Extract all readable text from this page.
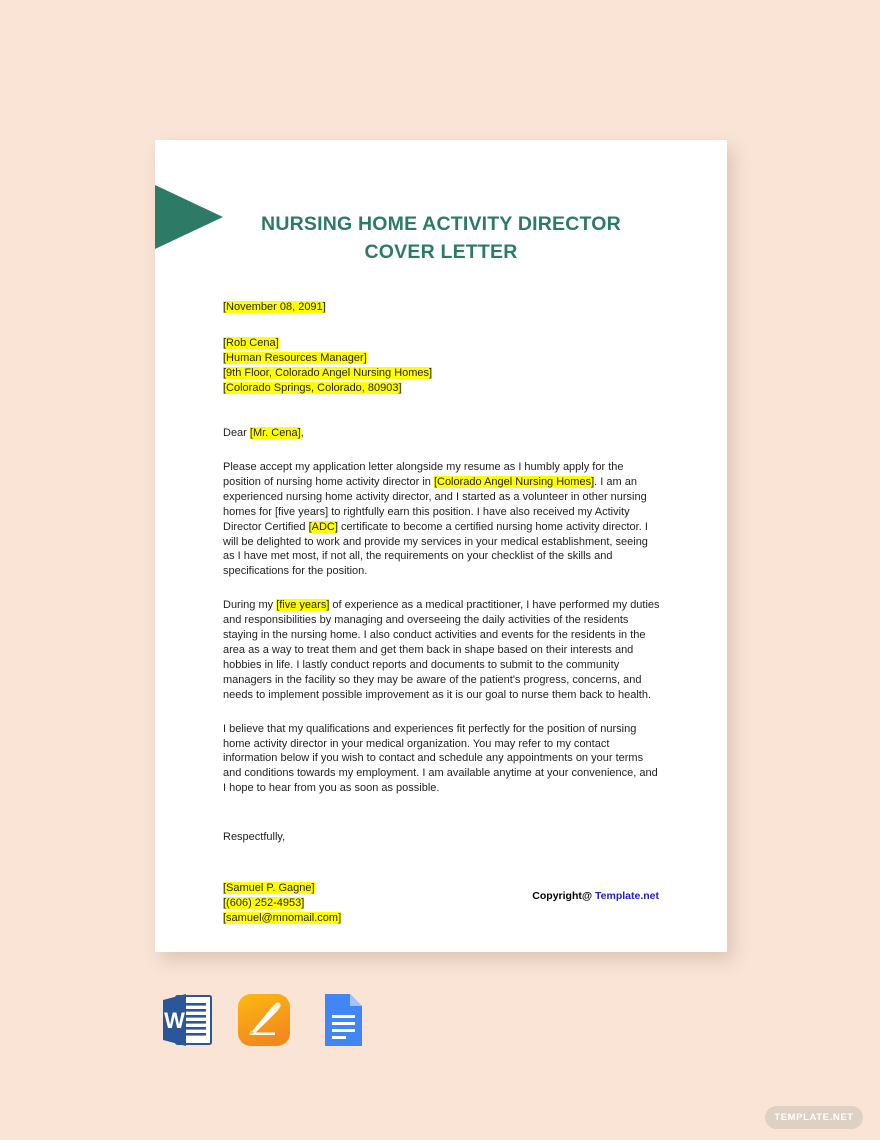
NURSING HOME ACTIVITY DIRECTOR
COVER LETTER
[November 08, 2091]
[Rob Cena]
[Human Resources Manager]
[9th Floor, Colorado Angel Nursing Homes]
[Colorado Springs, Colorado, 80903]
Dear [Mr. Cena],

Please accept my application letter alongside my resume as I humbly apply for the position of nursing home activity director in [Colorado Angel Nursing Homes]. I am an experienced nursing home activity director, and I started as a volunteer in other nursing homes for [five years] to rightfully earn this position. I have also received my Activity Director Certified [ADC] certificate to become a certified nursing home activity director. I will be delighted to work and provide my services in your medical establishment, seeing as I have met most, if not all, the requirements on your checklist of the skills and specifications for the position.

During my [five years] of experience as a medical practitioner, I have performed my duties and responsibilities by managing and overseeing the daily activities of the residents staying in the nursing home. I also conduct activities and events for the residents in the area as a way to treat them and get them back in shape based on their interests and hobbies in life. I lastly conduct reports and documents to submit to the community managers in the facility so they may be aware of the patient's progress, concerns, and needs to implement possible improvement as it is our goal to nurse them back to health.

I believe that my qualifications and experiences fit perfectly for the position of nursing home activity director in your medical organization. You may refer to my contact information below if you wish to contact and schedule any appointments on your terms and conditions towards my employment. I am available anytime at your convenience, and I hope to hear from you as soon as possible.

Respectfully,
[Samuel P. Gagne]
[(606) 252-4953]
[samuel@mnomail.com]
Copyright@ Template.net
W
TEMPLATE.NET
